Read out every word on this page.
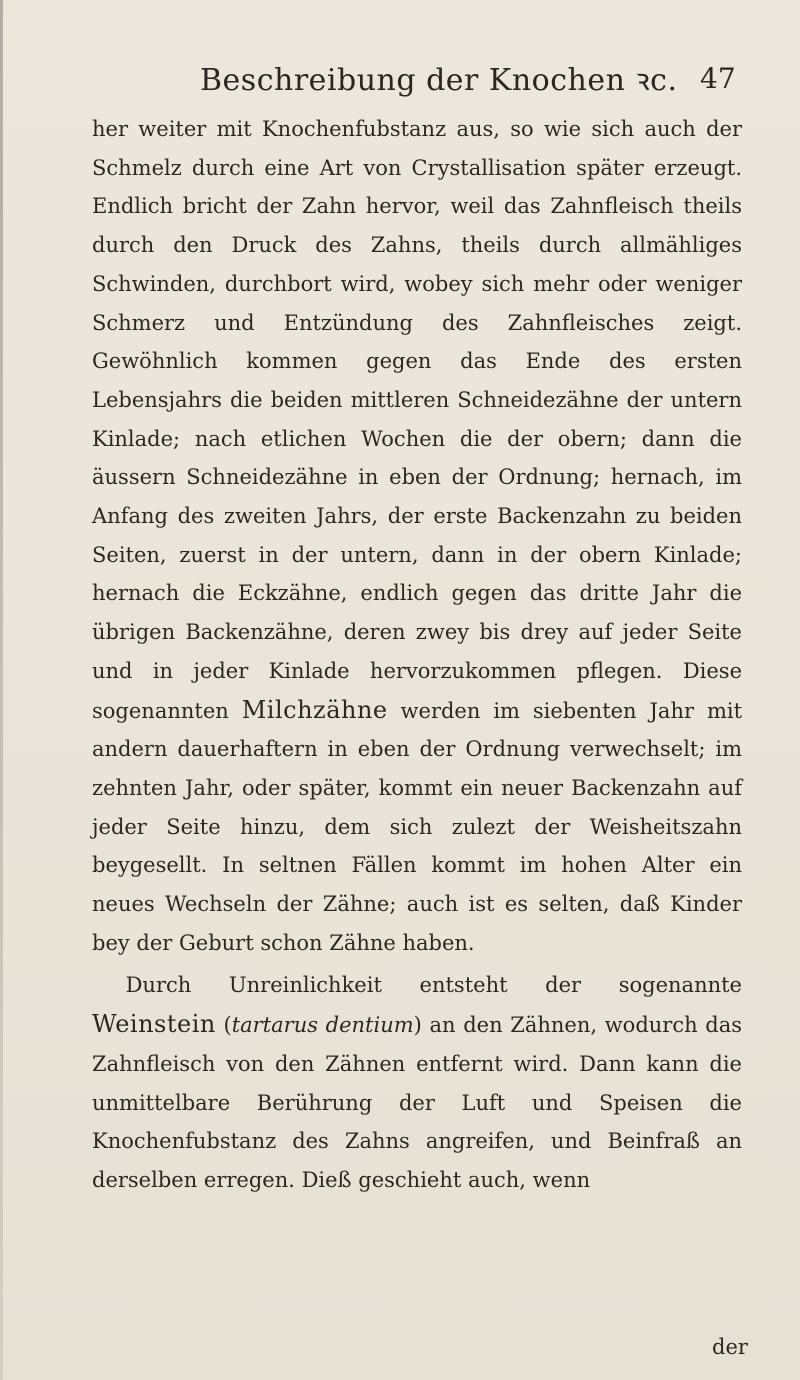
Beschreibung der Knochen ꝛc. 47

her weiter mit Knochenfubstanz aus, so wie sich auch der Schmelz durch eine Art von Crystallisation später erzeugt. Endlich bricht der Zahn hervor, weil das Zahnfleisch theils durch den Druck des Zahns, theils durch allmähliges Schwinden, durchbort wird, wobey sich mehr oder weniger Schmerz und Entzündung des Zahnfleisches zeigt. Gewöhnlich kommen gegen das Ende des ersten Lebensjahrs die beiden mittleren Schneidezähne der untern Kinlade; nach etlichen Wochen die der obern; dann die äussern Schneidezähne in eben der Ordnung; hernach, im Anfang des zweiten Jahrs, der erste Backenzahn zu beiden Seiten, zuerst in der untern, dann in der obern Kinlade; hernach die Eckzähne, endlich gegen das dritte Jahr die übrigen Backenzähne, deren zwey bis drey auf jeder Seite und in jeder Kinlade hervorzukommen pflegen. Diese sogenannten Milchzähne werden im siebenten Jahr mit andern dauerhaftern in eben der Ordnung verwechselt; im zehnten Jahr, oder später, kommt ein neuer Backenzahn auf jeder Seite hinzu, dem sich zulezt der Weisheitszahn beygesellt. In seltnen Fällen kommt im hohen Alter ein neues Wechseln der Zähne; auch ist es selten, daß Kinder bey der Geburt schon Zähne haben.

Durch Unreinlichkeit entsteht der sogenannte Weinstein (tartarus dentium) an den Zähnen, wodurch das Zahnfleisch von den Zähnen entfernt wird. Dann kann die unmittelbare Berührung der Luft und Speisen die Knochenfubstanz des Zahns angreifen, und Beinfraß an derselben erregen. Dieß geschieht auch, wenn

der
